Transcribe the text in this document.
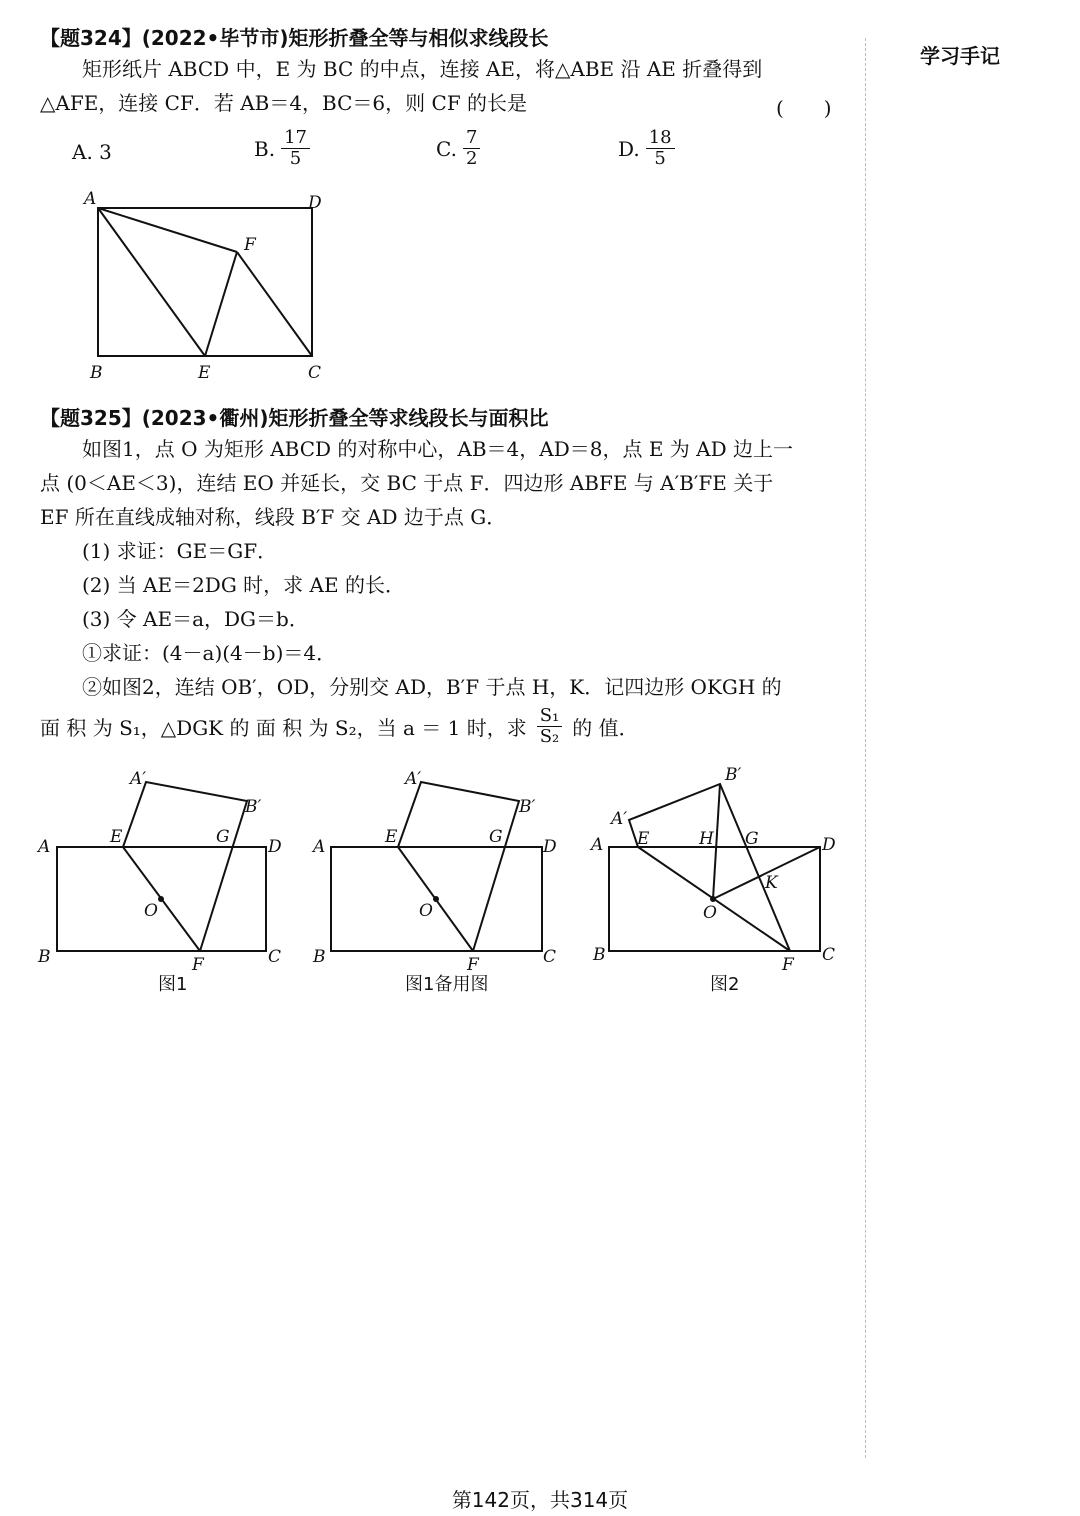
学习手记
【题324】(2022•毕节市)矩形折叠全等与相似求线段长
矩形纸片 ABCD 中，E 为 BC 的中点，连接 AE，将△ABE 沿 AE 折叠得到
△AFE，连接 CF．若 AB＝4，BC＝6，则 CF 的长是	(　　)
A. 3	B. $\frac{17}{5}$	C. $\frac{7}{2}$	D. $\frac{18}{5}$
A	D
F
B	E	C
【题325】(2023•衢州)矩形折叠全等求线段长与面积比
如图1，点 O 为矩形 ABCD 的对称中心，AB＝4，AD＝8，点 E 为 AD 边上一
点 (0＜AE＜3)，连结 EO 并延长，交 BC 于点 F．四边形 ABFE 与 A′B′FE 关于
EF 所在直线成轴对称，线段 B′F 交 AD 边于点 G．
(1) 求证：GE＝GF．
(2) 当 AE＝2DG 时，求 AE 的长．
(3) 令 AE＝a，DG＝b．
①求证：(4－a)(4－b)＝4．
②如图2，连结 OB′，OD，分别交 AD，B′F 于点 H，K．记四边形 OKGH 的
面 积 为 S₁，△DGK 的 面 积 为 S₂，当 a ＝ 1 时，求 $\frac{\text{S₁}}{\text{S₂}}$ 的 值．
A	D
B	C
A′
B′
E	G
O
F
图1
A	D
B	C
A′
B′
E	G
O
F
图1备用图
A	D
B	C
A′
B′
E	H G
K
O
F
图2
第142页，共314页
